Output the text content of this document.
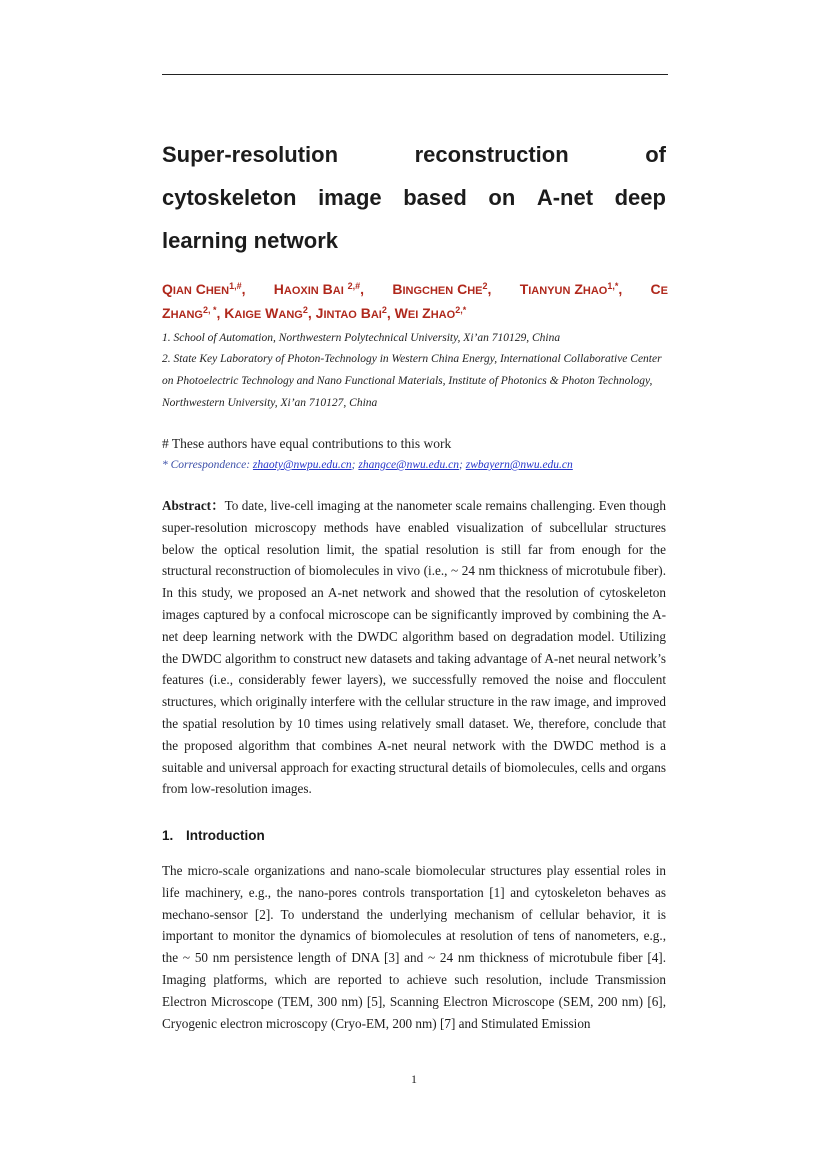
Super-resolution	reconstruction	of
cytoskeleton image based on A-net deep
learning network
QIAN $CHEN^{1,\#}$, HAOXIN BAI $^{2,\#}$, BINGCHEN CHE$^2$, TIANYUN $ZHAO^{1,*}$, CE
$ZHANG^{2, *}$, KAIGE WANG$^2$, JINTAO BAI$^2$, WEI $ZHAO^{2,*}$
1. School of Automation, Northwestern Polytechnical University, Xi’an 710129, China
2. State Key Laboratory of Photon-Technology in Western China Energy, International Collaborative Center on Photoelectric Technology and Nano Functional Materials, Institute of Photonics & Photon Technology, Northwestern University, Xi’an 710127, China
# These authors have equal contributions to this work
* Correspondence: zhaoty@nwpu.edu.cn; zhangce@nwu.edu.cn; zwbayern@nwu.edu.cn
Abstract：To date, live-cell imaging at the nanometer scale remains challenging. Even though super-resolution microscopy methods have enabled visualization of subcellular structures below the optical resolution limit, the spatial resolution is still far from enough for the structural reconstruction of biomolecules in vivo (i.e., ~ 24 nm thickness of microtubule fiber). In this study, we proposed an A-net network and showed that the resolution of cytoskeleton images captured by a confocal microscope can be significantly improved by combining the A-net deep learning network with the DWDC algorithm based on degradation model. Utilizing the DWDC algorithm to construct new datasets and taking advantage of A-net neural network’s features (i.e., considerably fewer layers), we successfully removed the noise and flocculent structures, which originally interfere with the cellular structure in the raw image, and improved the spatial resolution by 10 times using relatively small dataset. We, therefore, conclude that the proposed algorithm that combines A-net neural network with the DWDC method is a suitable and universal approach for exacting structural details of biomolecules, cells and organs from low-resolution images.
1. Introduction
The micro-scale organizations and nano-scale biomolecular structures play essential roles in life machinery, e.g., the nano-pores controls transportation [1] and cytoskeleton behaves as mechano-sensor [2]. To understand the underlying mechanism of cellular behavior, it is important to monitor the dynamics of biomolecules at resolution of tens of nanometers, e.g., the ~ 50 nm persistence length of DNA [3] and ~ 24 nm thickness of microtubule fiber [4]. Imaging platforms, which are reported to achieve such resolution, include Transmission Electron Microscope (TEM, 300 nm) [5], Scanning Electron Microscope (SEM, 200 nm) [6], Cryogenic electron microscopy (Cryo-EM, 200 nm) [7] and Stimulated Emission
1
